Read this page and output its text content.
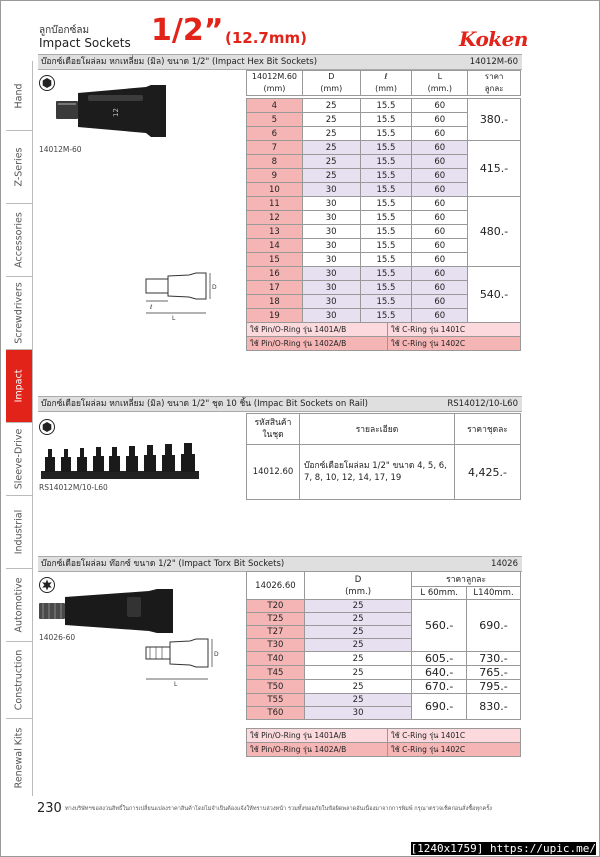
ลูกบ๊อกซ์ลม
Impact Sockets 1/2” (12.7mm)	Koken
Hand
Z-Series
Accessories
Screwdrivers
Impact
Sleeve-Drive
Industrial
Automotive
Construction
Renewal Kits
บ๊อกซ์เดือยโผล่ลม หกเหลี่ยม (มิล) ขนาด 1/2" (Impact Hex Bit Sockets)	14012M-60
12
14012M-60
D
ℓ
L
14012M.60
(mm)	D
(mm)	ℓ
(mm)	L
(mm.)	ราคา
ลูกละ
4	25	15.5	60	380.-
5	25	15.5	60	
6	25	15.5	60	
7	25	15.5	60	415.-
8	25	15.5	60	
9	25	15.5	60	
10	30	15.5	60	
11	30	15.5	60	480.-
12	30	15.5	60	
13	30	15.5	60	
14	30	15.5	60	
15	30	15.5	60	
16	30	15.5	60	540.-
17	30	15.5	60	
18	30	15.5	60	
19	30	15.5	60	
ใช้ Pin/O-Ring รุ่น 1401A/B	ใช้ C-Ring รุ่น 1401C
ใช้ Pin/O-Ring รุ่น 1402A/B	ใช้ C-Ring รุ่น 1402C
บ๊อกซ์เดือยโผล่ลม หกเหลี่ยม (มิล) ขนาด 1/2" ชุด 10 ชิ้น (Impac Bit Sockets on Rail)	RS14012/10-L60
RS14012M/10-L60
รหัสสินค้า
ในชุด	รายละเอียด	ราคาชุดละ
14012.60	บ๊อกซ์เดือยโผล่ลม 1/2" ขนาด 4, 5, 6,
7, 8, 10, 12, 14, 17, 19	4,425.-
บ๊อกซ์เดือยโผล่ลม ท๊อกซ์ ขนาด 1/2" (Impact Torx Bit Sockets)	14026
14026-60
D
L
14026.60	D
(mm.)	ราคาลูกละ	
		L 60mm.	L140mm.
T20	25	560.-	690.-
T25	25		
T27	25		
T30	25		
T40	25	605.-	730.-
T45	25	640.-	765.-
T50	25	670.-	795.-
T55	25	690.-	830.-
T60	30		
ใช้ Pin/O-Ring รุ่น 1401A/B	ใช้ C-Ring รุ่น 1401C
ใช้ Pin/O-Ring รุ่น 1402A/B	ใช้ C-Ring รุ่น 1402C
230 ทางบริษัทฯขอสงวนสิทธิ์ในการเปลี่ยนแปลงราคาสินค้าโดยไม่จำเป็นต้องแจ้งให้ทราบล่วงหน้า รวมทั้งขออภัยในข้อผิดพลาดอันเนื่องมาจากการพิมพ์ กรุณาตรวจเช็คก่อนสั่งซื้อทุกครั้ง
[1240x1759] https://upic.me/
